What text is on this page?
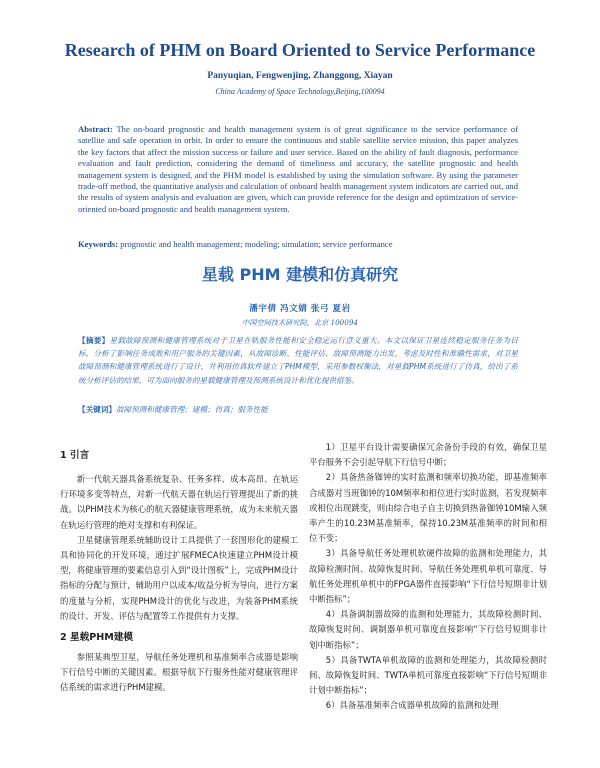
Research of PHM on Board Oriented to Service Performance
Panyuqian, Fengwenjing, Zhanggong, Xiayan
China Academy of Space Technology,Beijing,100094
Abstract: The on-board prognostic and health management system is of great significance to the service performance of satellite and safe operation in orbit. In order to ensure the continuous and stable satellite service mission, this paper analyzes the key factors that affect the mission success or failure and user service. Based on the ability of fault diagnosis, performance evaluation and fault prediction, considering the demand of timeliness and accuracy, the satellite prognostic and health management system is designed, and the PHM model is established by using the simulation software. By using the parameter trade-off method, the quantitative analysis and calculation of onboard health management system indicators are carried out, and the results of system analysis and evaluation are given, which can provide reference for the design and optimization of service-oriented on-board prognostic and health management system.
Keywords: prognostic and health management; modeling; simulation; service performance
星载 PHM 建模和仿真研究
潘宇倩 冯文婧 张弓 夏岩
中国空间技术研究院，北京 100094
【摘要】星载故障预测和健康管理系统对于卫星在轨服务性能和安全稳定运行意义重大。本文以保证卫星连续稳定服务任务为目标，分析了影响任务成败和用户服务的关键因素，从故障诊断、性能评估、故障预测能力出发，考虑及时性和准确性需求，对卫星故障预测和健康管理系统进行了设计，并利用仿真软件建立了PHM模型，采用参数权衡法，对星载PHM系统进行了仿真，给出了系统分析评估的结果，可为面向服务的星载健康管理及预测系统设计和优化提供借鉴。
【关键词】故障预测和健康管理；建模；仿真；服务性能
1 引言

新一代航天器具备系统复杂、任务多样、成本高昂、在轨运行环境多变等特点，对新一代航天器在轨运行管理提出了新的挑战。以PHM技术为核心的航天器健康管理系统，成为未来航天器在轨运行管理的绝对支撑和有利保证。

卫星健康管理系统辅助设计工具提供了一套图形化的建模工具和协同化的开发环境，通过扩展FMECA快速建立PHM设计模型，将健康管理的要素信息引入到“设计图板”上，完成PHM设计指标的分配与预计，辅助用户以成本/收益分析为导向，进行方案的度量与分析，实现PHM设计的优化与改进，为装备PHM系统的设计、开发、评估与配置等工作提供有力支撑。

2 星载PHM建模

参照某典型卫星，导航任务处理机和基准频率合成器是影响下行信号中断的关键因素。根据导航下行服务性能对健康管理评估系统的需求进行PHM建模。

1）卫星平台设计需要确保冗余备份手段的有效，确保卫星平台服务不会引起导航下行信号中断；

2）具备热备铷钟的实时监测和频率切换功能，即基准频率合成器对当班铷钟的10M频率和相位进行实时监测，若发现频率或相位出现跳变，则由综合电子自主切换到热备铷钟10M输入频率产生的10.23M基准频率，保持10.23M基准频率的时间和相位不变；

3）具备导航任务处理机软硬件故障的监测和处理能力，其故障检测时间、故障恢复时间、导航任务处理机单机可靠度、导航任务处理机单机中的FPGA器件直接影响“下行信号短期非计划中断指标”；

4）具备调制器故障的监测和处理能力，其故障检测时间、故障恢复时间、调制器单机可靠度直接影响“下行信号短期非计划中断指标”；

5）具备TWTA单机故障的监测和处理能力，其故障检测时间、故障恢复时间、TWTA单机可靠度直接影响“下行信号短期非计划中断指标”；

6）具备基准频率合成器单机故障的监测和处理
